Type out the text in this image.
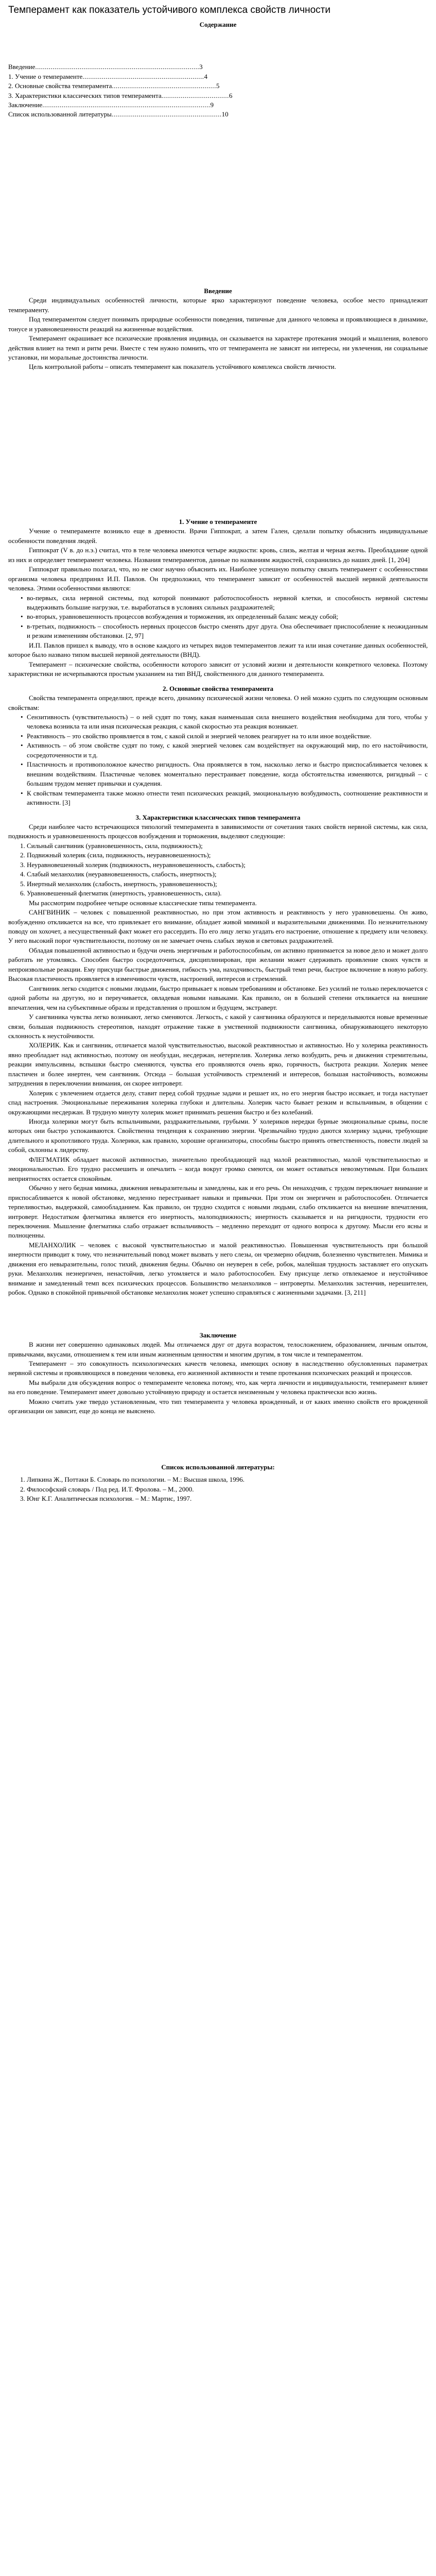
Темперамент как показатель устойчивого комплекса свойств личности

Содержание

Введение ..................................................................................... 3
1. Учение о темпераменте ............................................................... 4
2. Основные свойства темперамента ...................................................... 5
3. Характеристики классических типов темперамента ................................... 6
Заключение ....................................................................................... 9
Список использованной литературы ......................................................... 10

Введение

Среди индивидуальных особенностей личности, которые ярко характеризуют поведение человека, особое место принадлежит темпераменту.

Под темпераментом следует понимать природные особенности поведения, типичные для данного человека и проявляющиеся в динамике, тонусе и уравновешенности реакций на жизненные воздействия.

Темперамент окрашивает все психические проявления индивида, он сказывается на характере протекания эмоций и мышления, волевого действия влияет на темп и ритм речи. Вместе с тем нужно помнить, что от темперамента не зависят ни интересы, ни увлечения, ни социальные установки, ни моральные достоинства личности.

Цель контрольной работы – описать темперамент как показатель устойчивого комплекса свойств личности.

1. Учение о темпераменте

Учение о темпераменте возникло еще в древности. Врачи Гиппократ, а затем Гален, сделали попытку объяснить индивидуальные особенности поведения людей.

Гиппократ (V в. до н.э.) считал, что в теле человека имеются четыре жидкости: кровь, слизь, желтая и черная желчь. Преобладание одной из них и определяет темперамент человека. Названия темпераментов, данные по названиям жидкостей, сохранились до наших дней. [1, 204]

Гиппократ правильно полагал, что, но не смог научно объяснить их. Наиболее успешную попытку связать темперамент с особенностями организма человека предпринял И.П. Павлов. Он предположил, что темперамент зависит от особенностей высшей нервной деятельности человека. Этими особенностями являются:

• во-первых, сила нервной системы, под которой понимают работоспособность нервной клетки, и способность нервной системы выдерживать большие нагрузки, т.е. выработаться в условиях сильных раздражителей;
• во-вторых, уравновешенность процессов возбуждения и торможения, их определенный баланс между собой;
• в-третьих, подвижность – способность нервных процессов быстро сменять друг друга. Она обеспечивает приспособление к неожиданным и резким изменениям обстановки. [2, 97]

И.П. Павлов пришел к выводу, что в основе каждого из четырех видов темпераментов лежит та или иная сочетание данных особенностей, которое было названо типом высшей нервной деятельности (ВНД).

Темперамент – психические свойства, особенности которого зависит от условий жизни и деятельности конкретного человека. Поэтому характеристики не исчерпываются простым указанием на тип ВНД, свойственного для данного темперамента.

2. Основные свойства темперамента

Свойства темперамента определяют, прежде всего, динамику психической жизни человека. О ней можно судить по следующим основным свойствам:

• Сензитивность (чувствительность) – о ней судят по тому, какая наименьшая сила внешнего воздействия необходима для того, чтобы у человека возникла та или иная психическая реакция, с какой скоростью эта реакция возникает.
• Реактивность – это свойство проявляется в том, с какой силой и энергией человек реагирует на то или иное воздействие.
• Активность – об этом свойстве судят по тому, с какой энергией человек сам воздействует на окружающий мир, по его настойчивости, сосредоточенности и т.д.
• Пластичность и противоположное качество ригидность. Она проявляется в том, насколько легко и быстро приспосабливается человек к внешним воздействиям. Пластичные человек моментально перестраивает поведение, когда обстоятельства изменяются, ригидный – с большим трудом меняет привычки и суждения.
• К свойствам темперамента также можно отнести темп психических реакций, эмоциональную возбудимость, соотношение реактивности и активности. [3]

3. Характеристики классических типов темперамента

Среди наиболее часто встречающихся типологий темперамента в завивисимости от сочетания таких свойств нервной системы, как сила, подвижность и уравновешенность процессов возбуждения и торможения, выделяют следующие:

1. Сильный сангвиник (уравновешенность, сила, подвижность);
2. Подвижный холерик (сила, подвижность, неуравновешенность);
3. Неуравновешенный холерик (подвижность, неуравновешенность, слабость);
4. Слабый меланхолик (неуравновешенность, слабость, инертность);
5. Инертный меланхолик (слабость, инертность, уравновешенность);
6. Уравновешенный флегматик (инертность, уравновешенность, сила).

Мы рассмотрим подробнее четыре основные классические типы темперамента.

САНГВИНИК – человек с повышенной реактивностью, но при этом активность и реактивность у него уравновешены. Он живо, возбужденно откликается на все, что привлекает его внимание, обладает живой мимикой и выразительными движениями. По незначительному поводу он хохочет, а несущественный факт может его рассердить. По его лицу легко угадать его настроение, отношение к предмету или человеку. У него высокий порог чувствительности, поэтому он не замечает очень слабых звуков и световых раздражителей.

Обладая повышенной активностью и будучи очень энергичным и работоспособным, он активно принимается за новое дело и может долго работать не утомляясь. Способен быстро сосредоточиться, дисциплинирован, при желании может сдерживать проявление своих чувств и непроизвольные реакции. Ему присущи быстрые движения, гибкость ума, находчивость, быстрый темп речи, быстрое включение в новую работу. Высокая пластичность проявляется в изменчивости чувств, настроений, интересов и стремлений.

Сангвиник легко сходится с новыми людьми, быстро привыкает к новым требованиям и обстановке. Без усилий не только переключается с одной работы на другую, но и переучивается, овладевая новыми навыками. Как правило, он в большей степени откликается на внешние впечатления, чем на субъективные образы и представления о прошлом и будущем, экстраверт.

У сангвиника чувства легко возникают, легко сменяются. Легкость, с какой у сангвиника образуются и переделываются новые временные связи, большая подвижность стереотипов, находят отражение также в умственной подвижности сангвиника, обнаруживающего некоторую склонность к неустойчивости.

ХОЛЕРИК. Как и сангвиник, отличается малой чувствительностью, высокой реактивностью и активностью. Но у холерика реактивность явно преобладает над активностью, поэтому он необуздан, несдержан, нетерпелив. Холерика легко возбудить, речь и движения стремительны, реакции импульсивны, вспышки быстро сменяются, чувства его проявляются очень ярко, горячность, быстрота реакции. Холерик менее пластичен и более инертен, чем сангвиник. Отсюда – большая устойчивость стремлений и интересов, большая настойчивость, возможны затруднения в переключении внимания, он скорее интроверт.

Холерик с увлечением отдается делу, ставит перед собой трудные задачи и решает их, но его энергия быстро иссякает, и тогда наступает спад настроения. Эмоциональные переживания холерика глубоки и длительны. Холерик часто бывает резким и вспыльчивым, в общении с окружающими несдержан. В трудную минуту холерик может принимать решения быстро и без колебаний.

Иногда холерики могут быть вспыльчивыми, раздражительными, грубыми. У холериков нередки бурные эмоциональные срывы, после которых они быстро успокаиваются. Свойственна тенденция к сохранению энергии. Чрезвычайно трудно даются холерику задачи, требующие длительного и кропотливого труда. Холерики, как правило, хорошие организаторы, способны быстро принять ответственность, повести людей за собой, склонны к лидерству.

ФЛЕГМАТИК обладает высокой активностью, значительно преобладающей над малой реактивностью, малой чувствительностью и эмоциональностью. Его трудно рассмешить и опечалить – когда вокруг громко смеются, он может оставаться невозмутимым. При больших неприятностях остается спокойным.

Обычно у него бедная мимика, движения невыразительны и замедлены, как и его речь. Он ненаходчив, с трудом переключает внимание и приспосабливается к новой обстановке, медленно перестраивает навыки и привычки. При этом он энергичен и работоспособен. Отличается терпеливостью, выдержкой, самообладанием. Как правило, он трудно сходится с новыми людьми, слабо откликается на внешние впечатления, интроверт. Недостатком флегматика является его инертность, малоподвижность; инертность сказывается и на ригидности, трудности его переключения. Мышление флегматика слабо отражает вспыльчивость – медленно переходит от одного вопроса к другому. Мысли его ясны и полноценны.

МЕЛАНХОЛИК – человек с высокой чувствительностью и малой реактивностью. Повышенная чувствительность при большой инертности приводит к тому, что незначительный повод может вызвать у него слезы, он чрезмерно обидчив, болезненно чувствителен. Мимика и движения его невыразительны, голос тихий, движения бедны. Обычно он неуверен в себе, робок, малейшая трудность заставляет его опускать руки. Меланхолик неэнергичен, ненастойчив, легко утомляется и мало работоспособен. Ему присуще легко отвлекаемое и неустойчивое внимание и замедленный темп всех психических процессов. Большинство меланхоликов – интроверты. Меланхолик застенчив, нерешителен, робок. Однако в спокойной привычной обстановке меланхолик может успешно справляться с жизненными задачами. [3, 211]

Заключение

В жизни нет совершенно одинаковых людей. Мы отличаемся друг от друга возрастом, телосложением, образованием, личным опытом, привычками, вкусами, отношением к тем или иным жизненным ценностям и многим другим, в том числе и темпераментом.

Темперамент – это совокупность психологических качеств человека, имеющих основу в наследственно обусловленных параметрах нервной системы и проявляющихся в поведении человека, его жизненной активности и темпе протекания психических реакций и процессов.

Мы выбрали для обсуждения вопрос о темпераменте человека потому, что, как черта личности и индивидуальности, темперамент влияет на его поведение. Темперамент имеет довольно устойчивую природу и остается неизменным у человека практически всю жизнь.

Можно считать уже твердо установленным, что тип темперамента у человека врожденный, и от каких именно свойств его врожденной организации он зависит, еще до конца не выяснено.

Список использованной литературы:

1. Липкина Ж., Поттаки Б. Словарь по психологии. – М.: Высшая школа, 1996.
2. Философский словарь / Под ред. И.Т. Фролова. – М., 2000.
3. Юнг К.Г. Аналитическая психология. – М.: Мартис, 1997.
